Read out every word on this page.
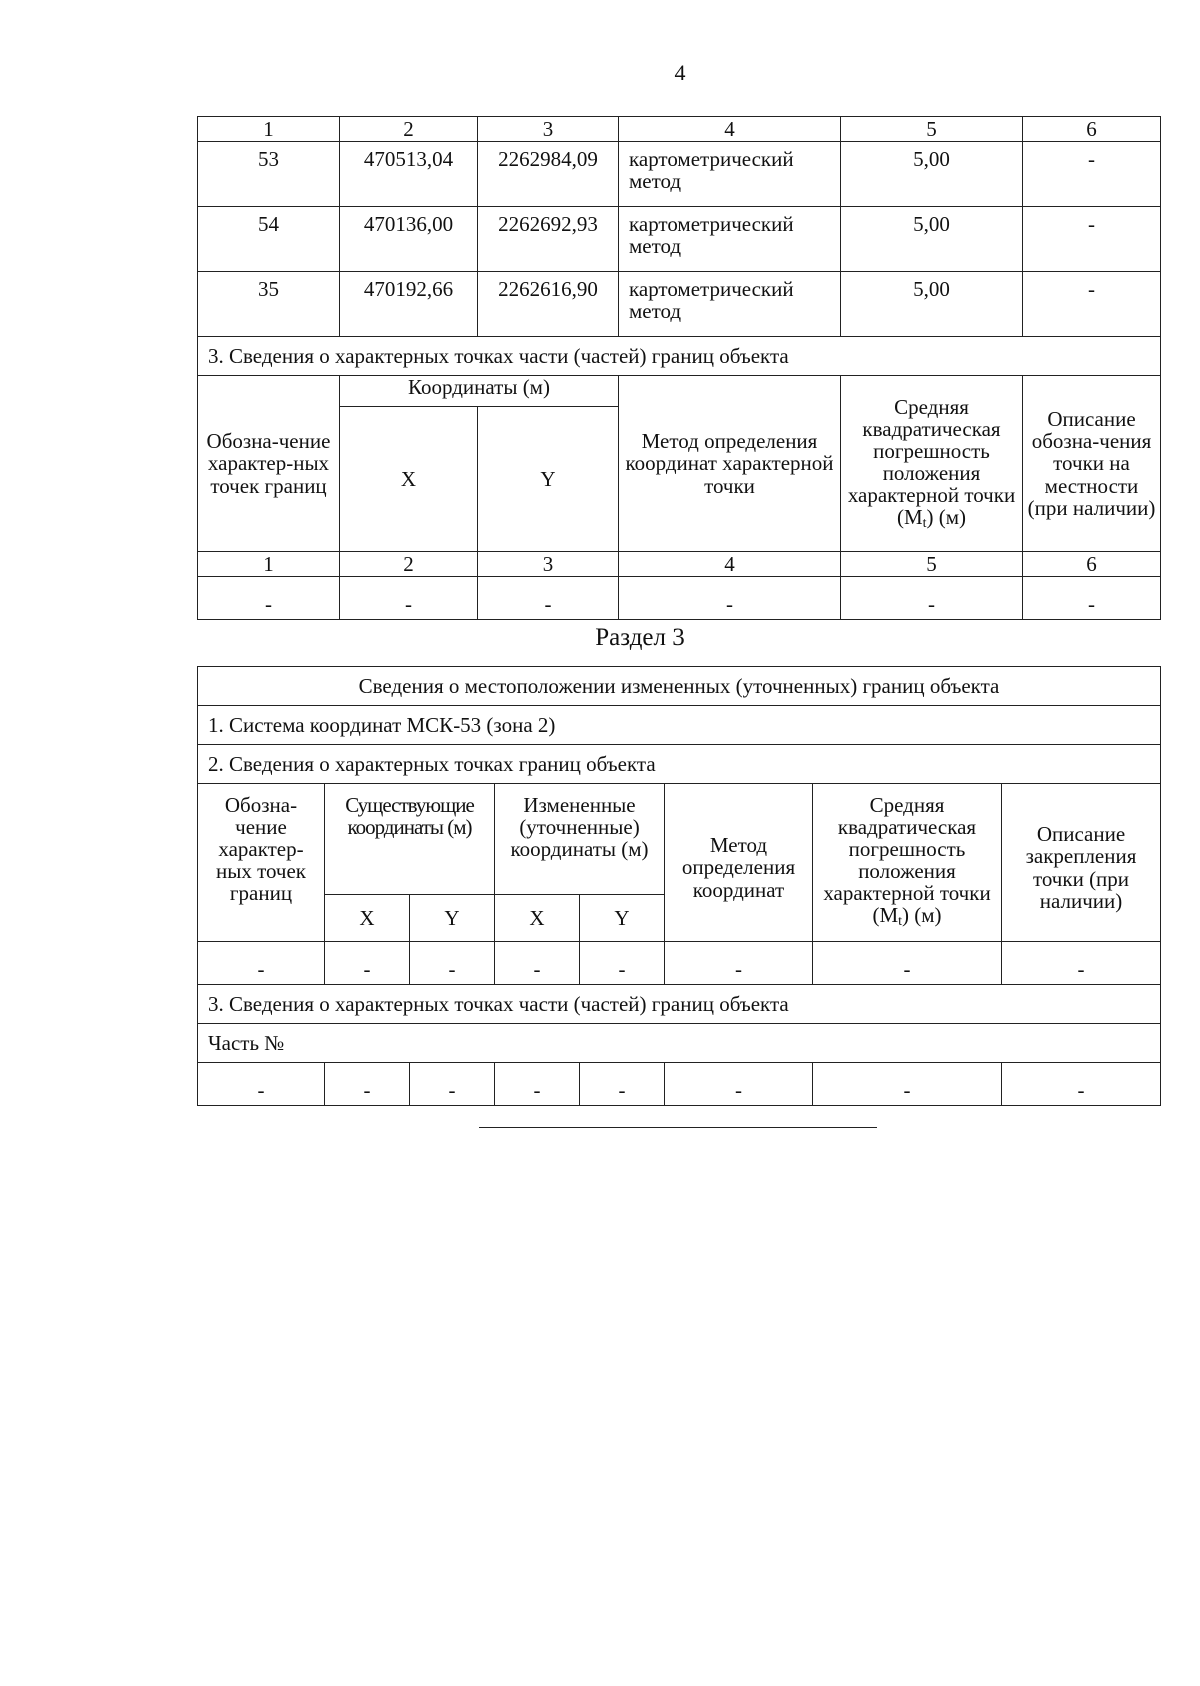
4
1	2	3	4	5	6
53	470513,04	2262984,09	картометрический метод	5,00	-
54	470136,00	2262692,93	картометрический метод	5,00	-
35	470192,66	2262616,90	картометрический метод	5,00	-
3. Сведения о характерных точках части (частей) границ объекта					
Обозна-чение характер-ных точек границ	Координаты (м)		Метод определения координат характерной точки	Средняя квадратическая погрешность положения характерной точки $(M_t)$ (м)	Описание обозна-чения точки на местности (при наличии)
	X	Y			
1	2	3	4	5	6
-	-	-	-	-	-
Раздел 3
Сведения о местоположении измененных (уточненных) границ объекта							
1. Система координат МСК-53 (зона 2)							
2. Сведения о характерных точках границ объекта							
Обозна-чение характер-ных точек границ	Существующие координаты (м)		Измененные (уточненные) координаты (м)		Метод определения координат	Средняя квадратическая погрешность положения характерной точки $(M_t)$ (м)	Описание закрепления точки (при наличии)
	X	Y	X	Y			
-	-	-	-	-	-	-	-
3. Сведения о характерных точках части (частей) границ объекта							
Часть №							
-	-	-	-	-	-	-	-
